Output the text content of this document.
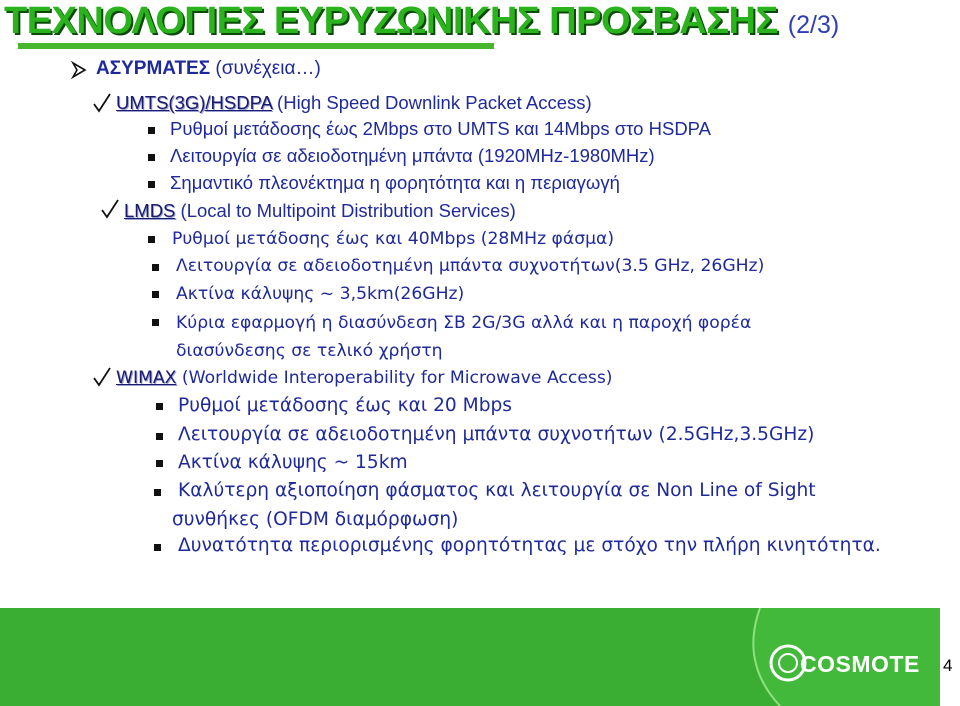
ΤΕΧΝΟΛΟΓΙΕΣ ΕΥΡΥΖΩΝΙΚΗΣ ΠΡΟΣΒΑΣΗΣ (2/3)
ΑΣΥΡΜΑΤΕΣ (συνέχεια…)
UMTS(3G)/HSDPA (High Speed Downlink Packet Access)
Ρυθμοί μετάδοσης έως 2Mbps στο UMTS και 14Mbps στο HSDPA
Λειτουργία σε αδειοδοτημένη μπάντα (1920MHz-1980MHz)
Σημαντικό πλεονέκτημα η φορητότητα και η περιαγωγή
LMDS (Local to Multipoint Distribution Services)
Ρυθμοί μετάδοσης έως και 40Mbps (28MHz φάσμα)
Λειτουργία σε αδειοδοτημένη μπάντα συχνοτήτων(3.5 GHz, 26GHz)
Ακτίνα κάλυψης ~ 3,5km(26GHz)
Κύρια εφαρμογή η διασύνδεση ΣΒ 2G/3G αλλά και η παροχή φορέα
διασύνδεσης σε τελικό χρήστη
WIMAX (Worldwide Interoperability for Microwave Access)
Ρυθμοί μετάδοσης έως και 20 Mbps
Λειτουργία σε αδειοδοτημένη μπάντα συχνοτήτων (2.5GHz,3.5GHz)
Ακτίνα κάλυψης ~ 15km
Καλύτερη αξιοποίηση φάσματος και λειτουργία σε Non Line of Sight
συνθήκες (OFDM διαμόρφωση)
Δυνατότητα περιορισμένης φορητότητας με στόχο την πλήρη κινητότητα.
COSMOTE 4
